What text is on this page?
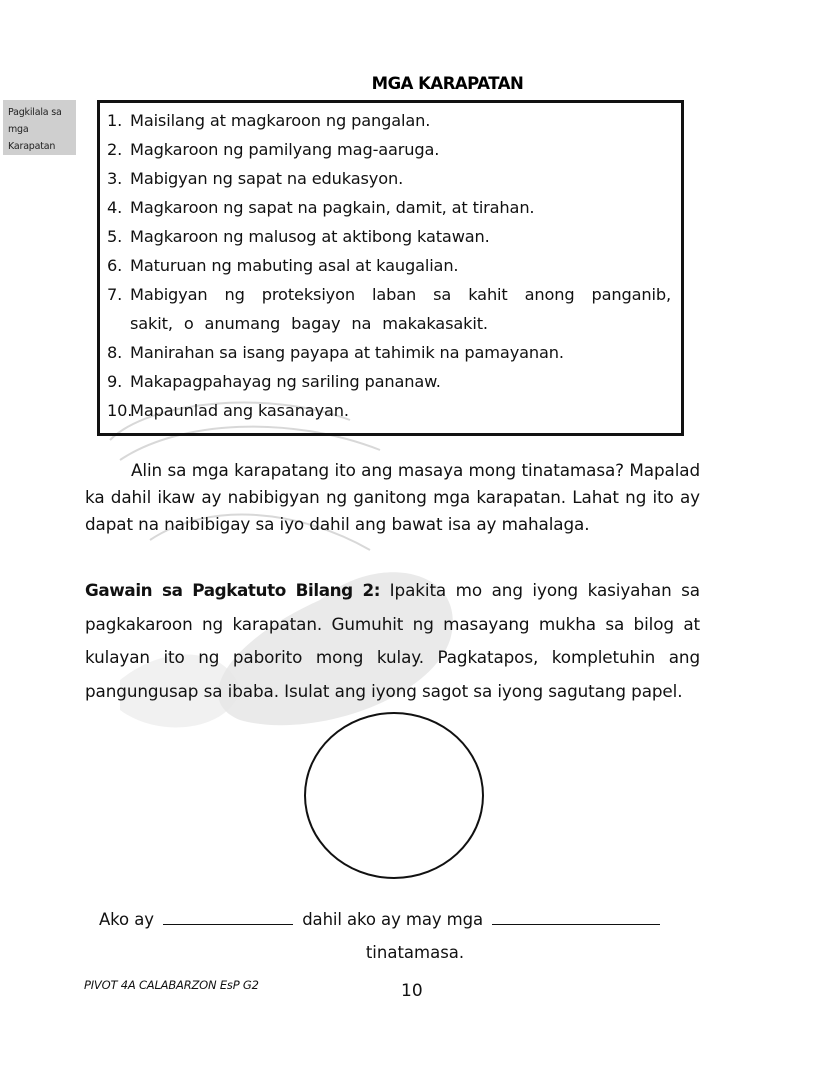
Pagkilala sa
mga
Karapatan
MGA KARAPATAN
1. Maisilang at magkaroon ng pangalan.
2. Magkaroon ng pamilyang mag-aaruga.
3. Mabigyan ng sapat na edukasyon.
4. Magkaroon ng sapat na pagkain, damit, at tirahan.
5. Magkaroon ng malusog at aktibong katawan.
6. Maturuan ng mabuting asal at kaugalian.
7. Mabigyan ng proteksiyon laban sa kahit anong panganib, sakit, o anumang bagay na makakasakit.
8. Manirahan sa isang payapa at tahimik na pamayanan.
9. Makapagpahayag ng sariling pananaw.
10.
Mapaunlad ang kasanayan.

Alin sa mga karapatang ito ang masaya mong tinatamasa? Mapalad ka dahil ikaw ay nabibigyan ng ganitong mga karapatan. Lahat ng ito ay dapat na naibibigay sa iyo dahil ang bawat isa ay mahalaga.

Gawain sa Pagkatuto Bilang 2: Ipakita mo ang iyong kasiyahan sa pagkakaroon ng karapatan. Gumuhit ng masayang mukha sa bilog at kulayan ito ng paborito mong kulay. Pagkatapos, kompletuhin ang pangungusap sa ibaba. Isulat ang iyong sagot sa iyong sagutang papel.

Ako ay	dahil ako ay may mga
tinatamasa.
PIVOT 4A CALABARZON EsP G2	10
